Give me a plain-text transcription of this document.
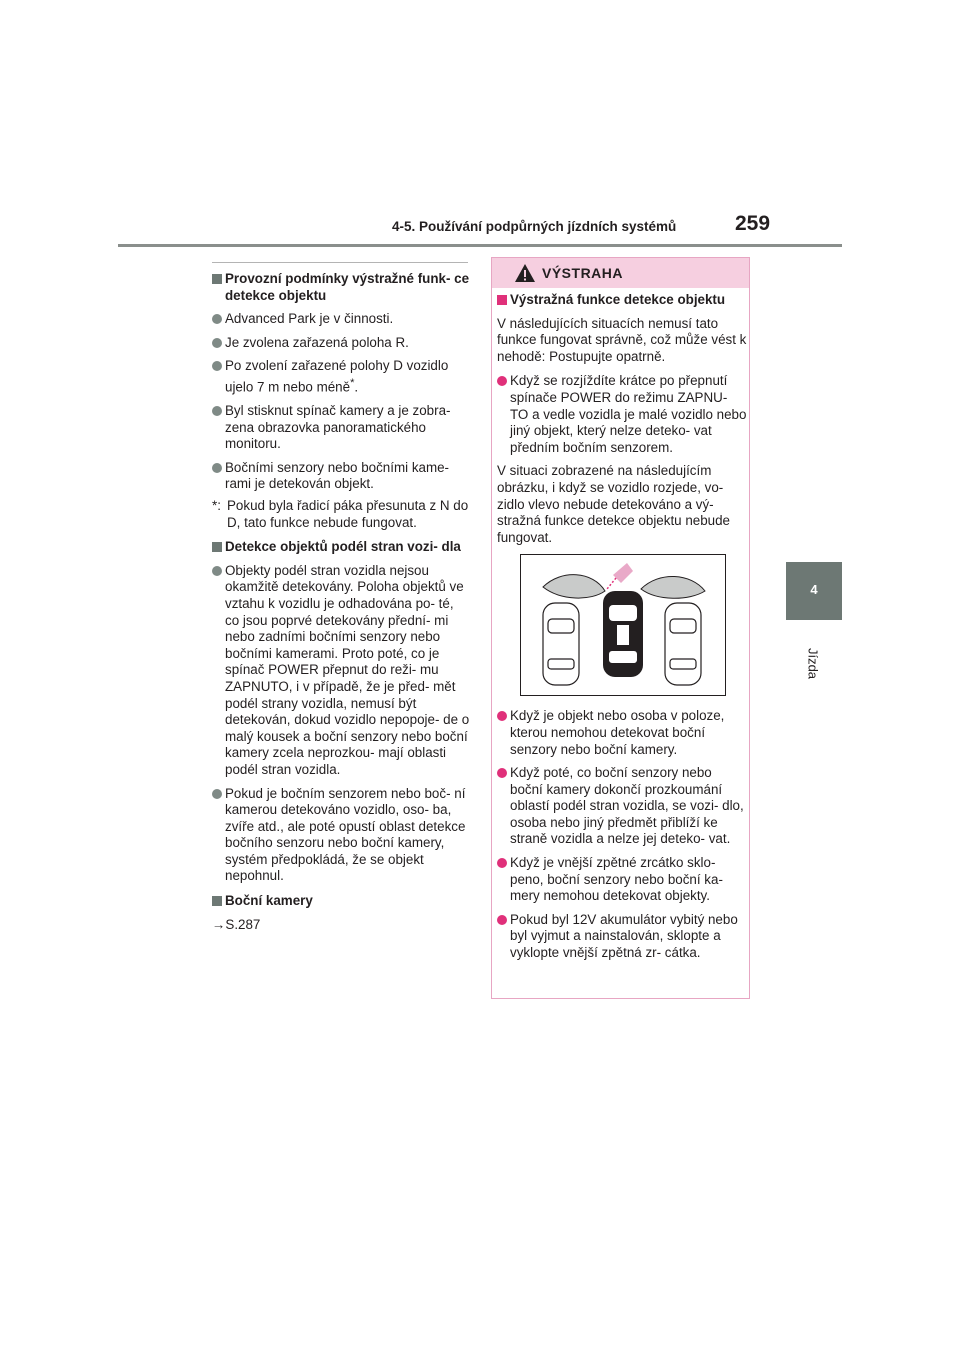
4-5. Používání podpůrných jízdních systémů	259
4
Jízda
Provozní podmínky výstražné funk- ce detekce objektu
Advanced Park je v činnosti.
Je zvolena zařazená poloha R.
Po zvolení zařazené polohy D vozidlo ujelo 7 m nebo méně*.
Byl stisknut spínač kamery a je zobra- zena obrazovka panoramatického monitoru.
Bočními senzory nebo bočními kame- rami je detekován objekt.
*: Pokud byla řadicí páka přesunuta z N do D, tato funkce nebude fungovat.
Detekce objektů podél stran vozi- dla
Objekty podél stran vozidla nejsou okamžitě detekovány. Poloha objektů ve vztahu k vozidlu je odhadována po- té, co jsou poprvé detekovány přední- mi nebo zadními bočními senzory nebo bočními kamerami. Proto poté, co je spínač POWER přepnut do reži- mu ZAPNUTO, i v případě, že je před- mět podél strany vozidla, nemusí být detekován, dokud vozidlo nepopoje- de o malý kousek a boční senzory nebo boční kamery zcela neprozkou- mají oblasti podél stran vozidla.
Pokud je bočním senzorem nebo boč- ní kamerou detekováno vozidlo, oso- ba, zvíře atd., ale poté opustí oblast detekce bočního senzoru nebo boční kamery, systém předpokládá, že se objekt nepohnul.
Boční kamery
→S.287
VÝSTRAHA
Výstražná funkce detekce objektu
V následujících situacích nemusí tato funkce fungovat správně, což může vést k nehodě: Postupujte opatrně.
Když se rozjíždíte krátce po přepnutí spínače POWER do režimu ZAPNU- TO a vedle vozidla je malé vozidlo nebo jiný objekt, který nelze deteko- vat předním bočním senzorem.
V situaci zobrazené na následujícím obrázku, i když se vozidlo rozjede, vo- zidlo vlevo nebude detekováno a vý- stražná funkce detekce objektu nebude fungovat.
Když je objekt nebo osoba v poloze, kterou nemohou detekovat boční senzory nebo boční kamery.
Když poté, co boční senzory nebo boční kamery dokončí prozkoumání oblastí podél stran vozidla, se vozi- dlo, osoba nebo jiný předmět přiblíží ke straně vozidla a nelze jej deteko- vat.
Když je vnější zpětné zrcátko sklo- peno, boční senzory nebo boční ka- mery nemohou detekovat objekty.
Pokud byl 12V akumulátor vybitý nebo byl vyjmut a nainstalován, sklopte a vyklopte vnější zpětná zr- cátka.
